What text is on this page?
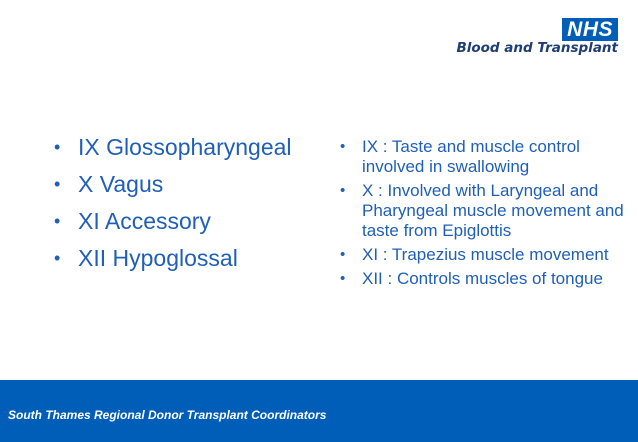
NHS
Blood and Transplant
• IX Glossopharyngeal
• X Vagus
• XI Accessory
• XII Hypoglossal
• IX : Taste and muscle control involved in swallowing
• X : Involved with Laryngeal and Pharyngeal muscle movement and taste from Epiglottis
• XI : Trapezius muscle movement
• XII : Controls muscles of tongue
South Thames Regional Donor Transplant Coordinators
